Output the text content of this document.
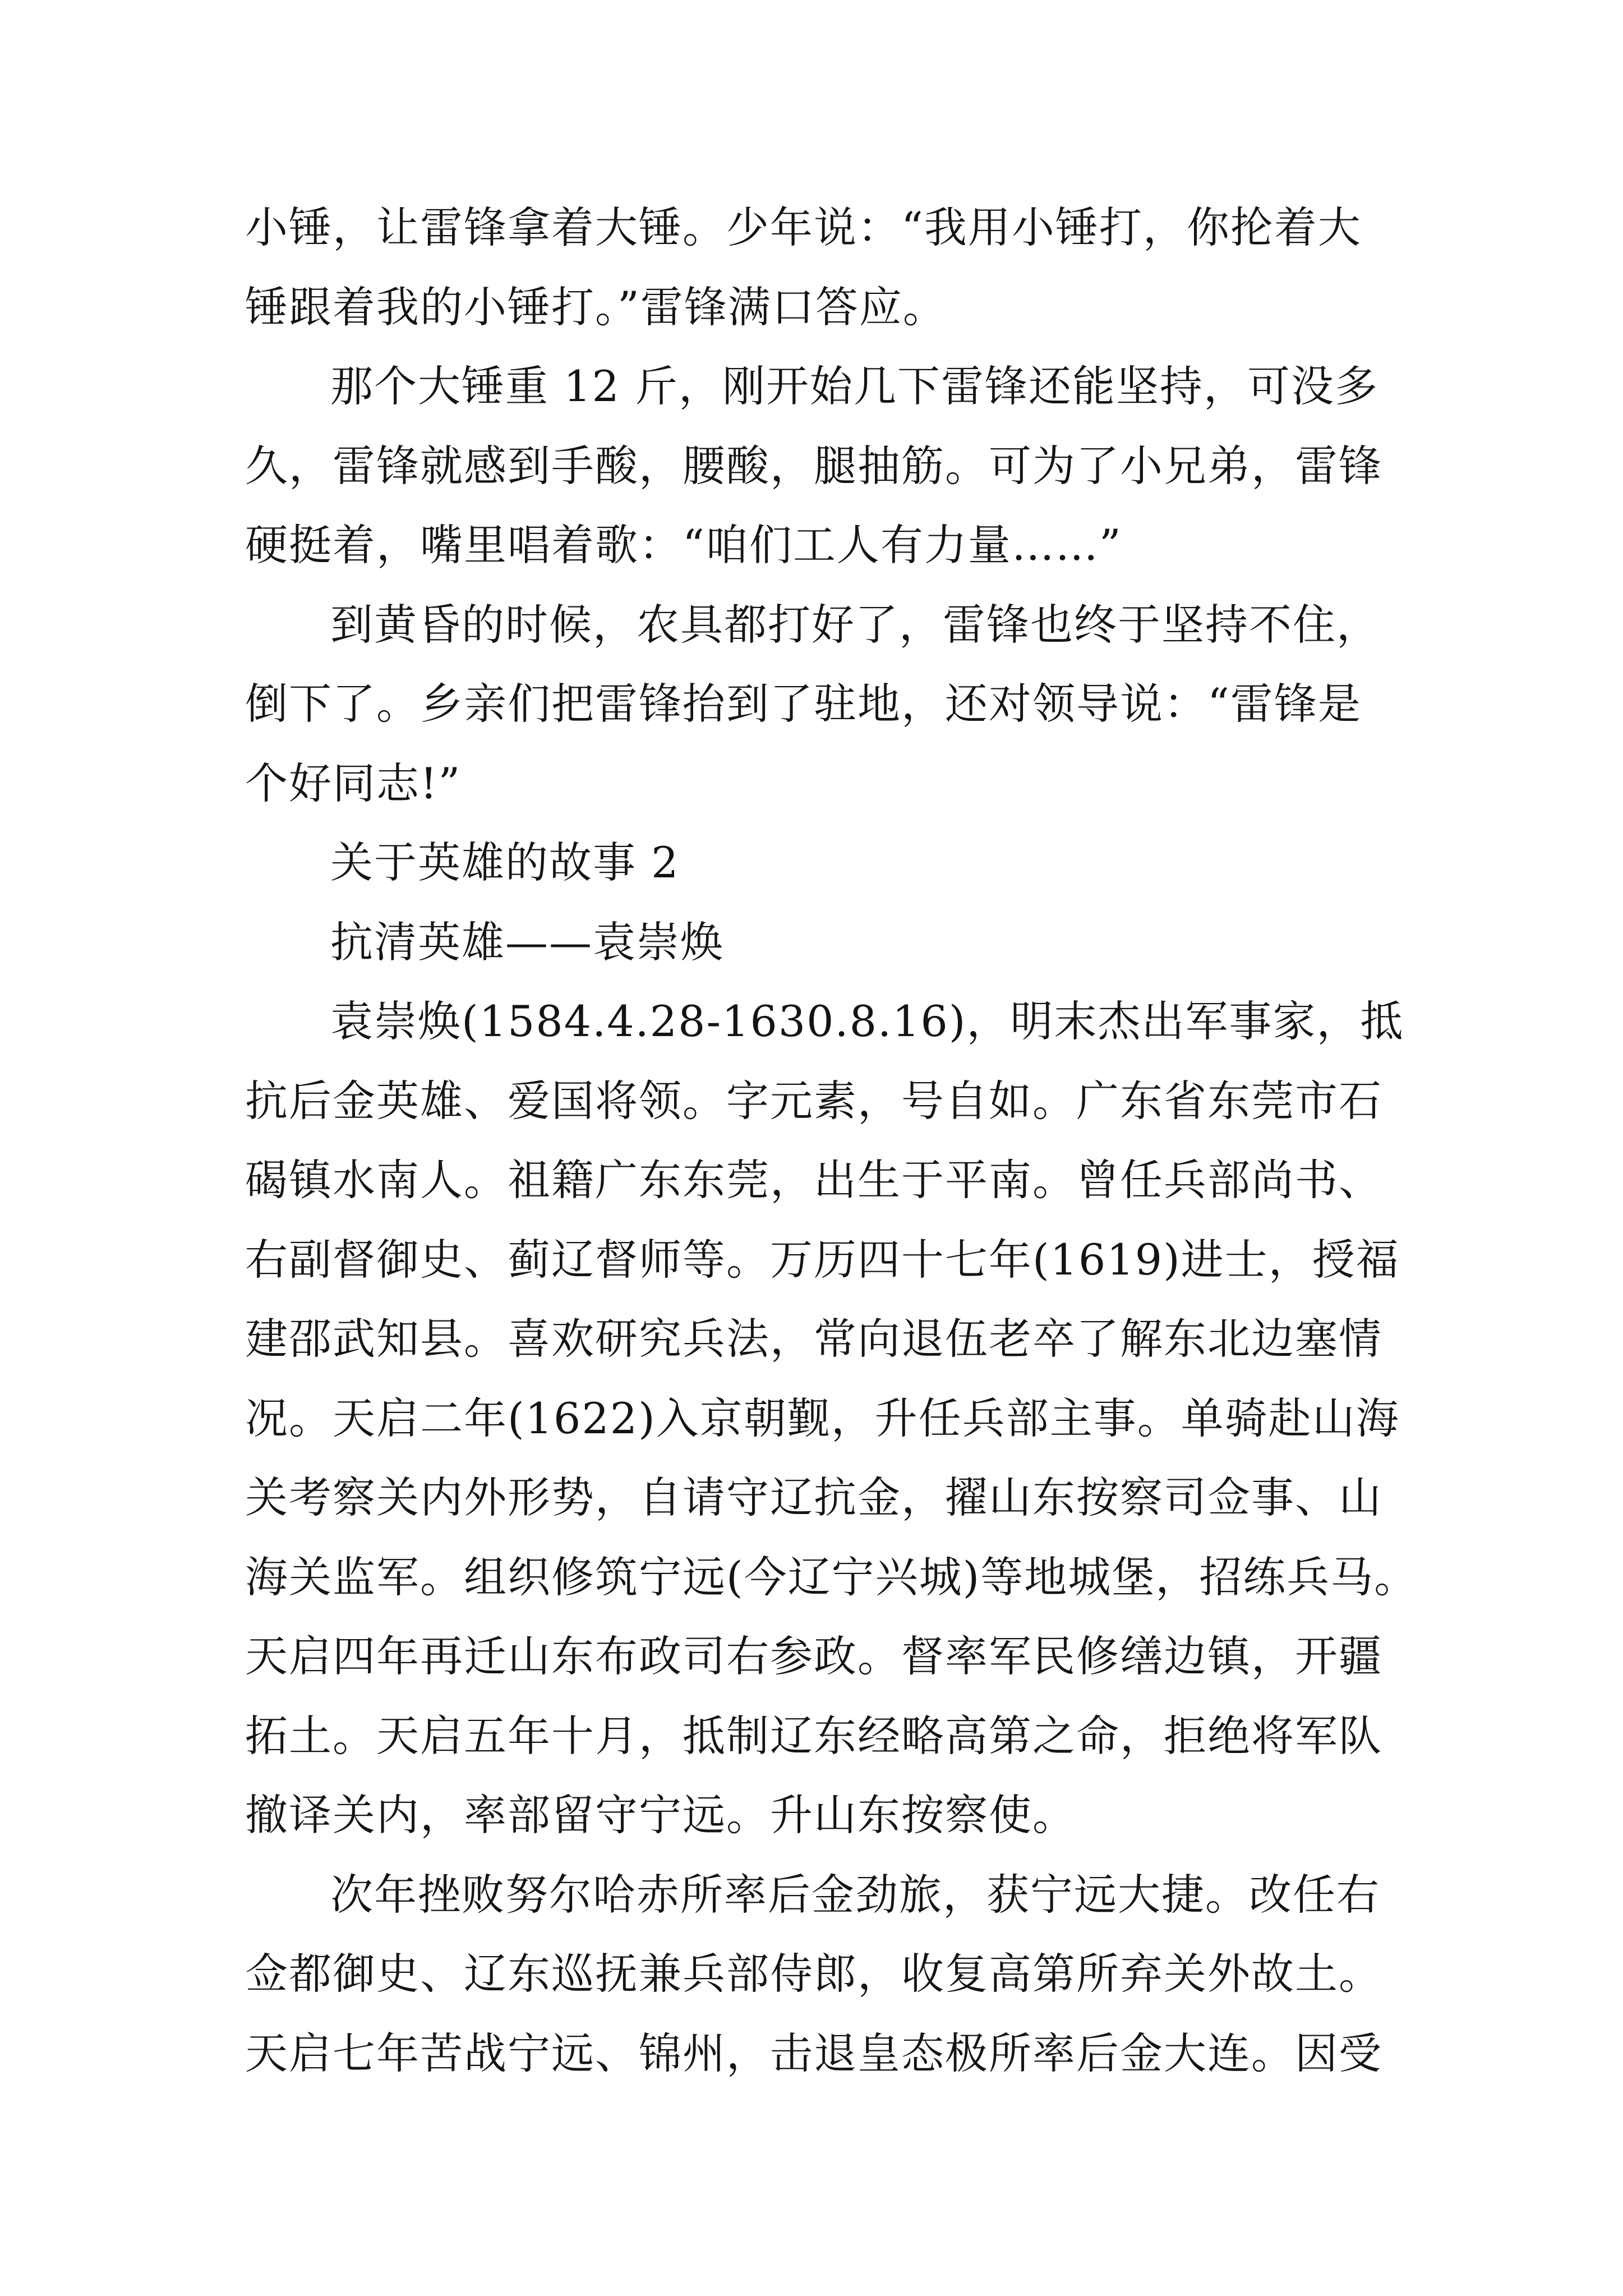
小锤，让雷锋拿着大锤。少年说：“我用小锤打，你抡着大
锤跟着我的小锤打。”雷锋满口答应。

那个大锤重 12 斤，刚开始几下雷锋还能坚持，可没多
久，雷锋就感到手酸，腰酸，腿抽筋。可为了小兄弟，雷锋
硬挺着，嘴里唱着歌：“咱们工人有力量……”

到黄昏的时候，农具都打好了，雷锋也终于坚持不住，
倒下了。乡亲们把雷锋抬到了驻地，还对领导说：“雷锋是
个好同志!”

关于英雄的故事 2

抗清英雄——袁崇焕

袁崇焕(1584.4.28-1630.8.16)，明末杰出军事家，抵
抗后金英雄、爱国将领。字元素，号自如。广东省东莞市石
碣镇水南人。祖籍广东东莞，出生于平南。曾任兵部尚书、
右副督御史、蓟辽督师等。万历四十七年(1619)进士，授福
建邵武知县。喜欢研究兵法，常向退伍老卒了解东北边塞情
况。天启二年(1622)入京朝觐，升任兵部主事。单骑赴山海
关考察关内外形势，自请守辽抗金，擢山东按察司佥事、山
海关监军。组织修筑宁远(今辽宁兴城)等地城堡，招练兵马。
天启四年再迁山东布政司右参政。督率军民修缮边镇，开疆
拓土。天启五年十月，抵制辽东经略高第之命，拒绝将军队
撤译关内，率部留守宁远。升山东按察使。

次年挫败努尔哈赤所率后金劲旅，获宁远大捷。改任右
佥都御史、辽东巡抚兼兵部侍郎，收复高第所弃关外故土。
天启七年苦战宁远、锦州，击退皇态极所率后金大连。因受
